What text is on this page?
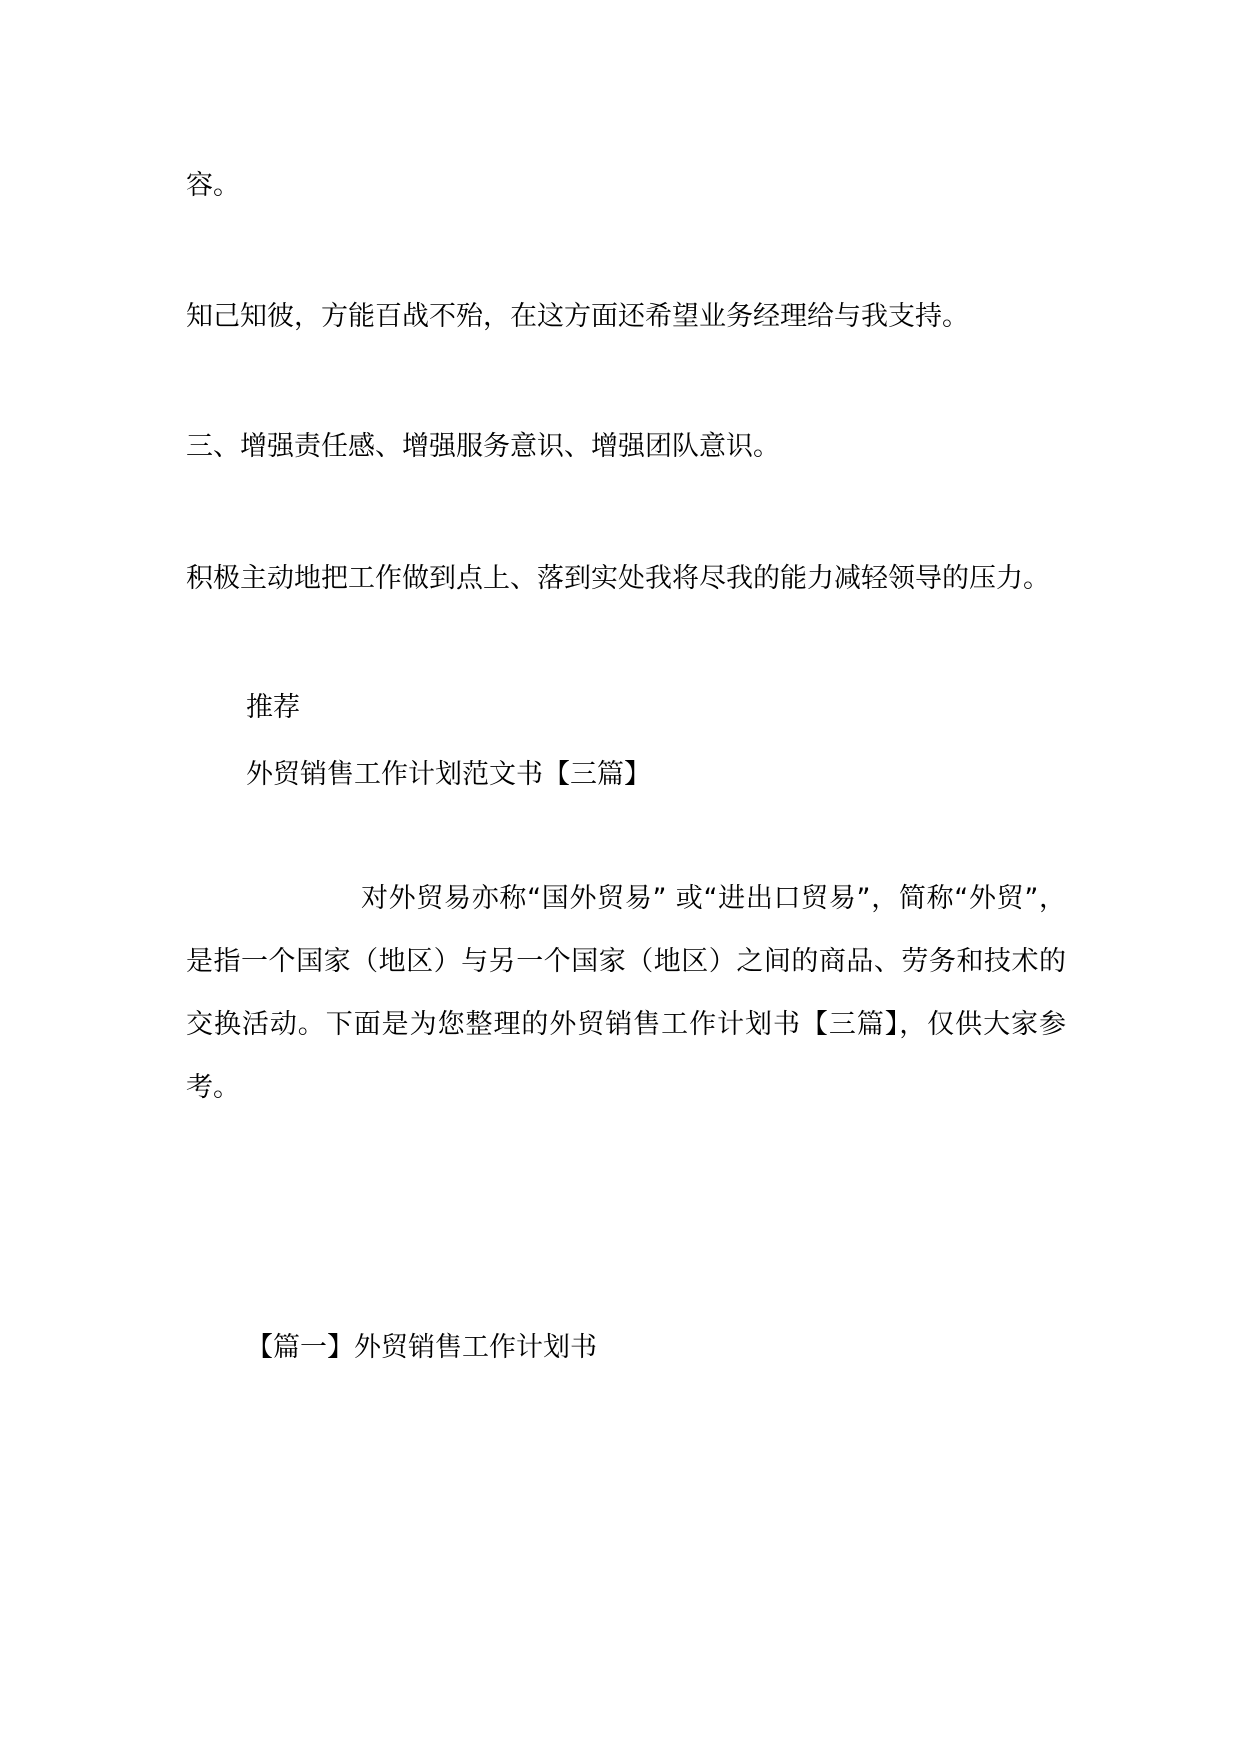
容。

知己知彼，方能百战不殆，在这方面还希望业务经理给与我支持。

三、增强责任感、增强服务意识、增强团队意识。

积极主动地把工作做到点上、落到实处我将尽我的能力减轻领导的压力。

推荐

外贸销售工作计划范文书【三篇】

对外贸易亦称“国外贸易” 或“进出口贸易”，简称“外贸”，是指一个国家（地区）与另一个国家（地区）之间的商品、劳务和技术的交换活动。下面是为您整理的外贸销售工作计划书【三篇】，仅供大家参考。

【篇一】外贸销售工作计划书
